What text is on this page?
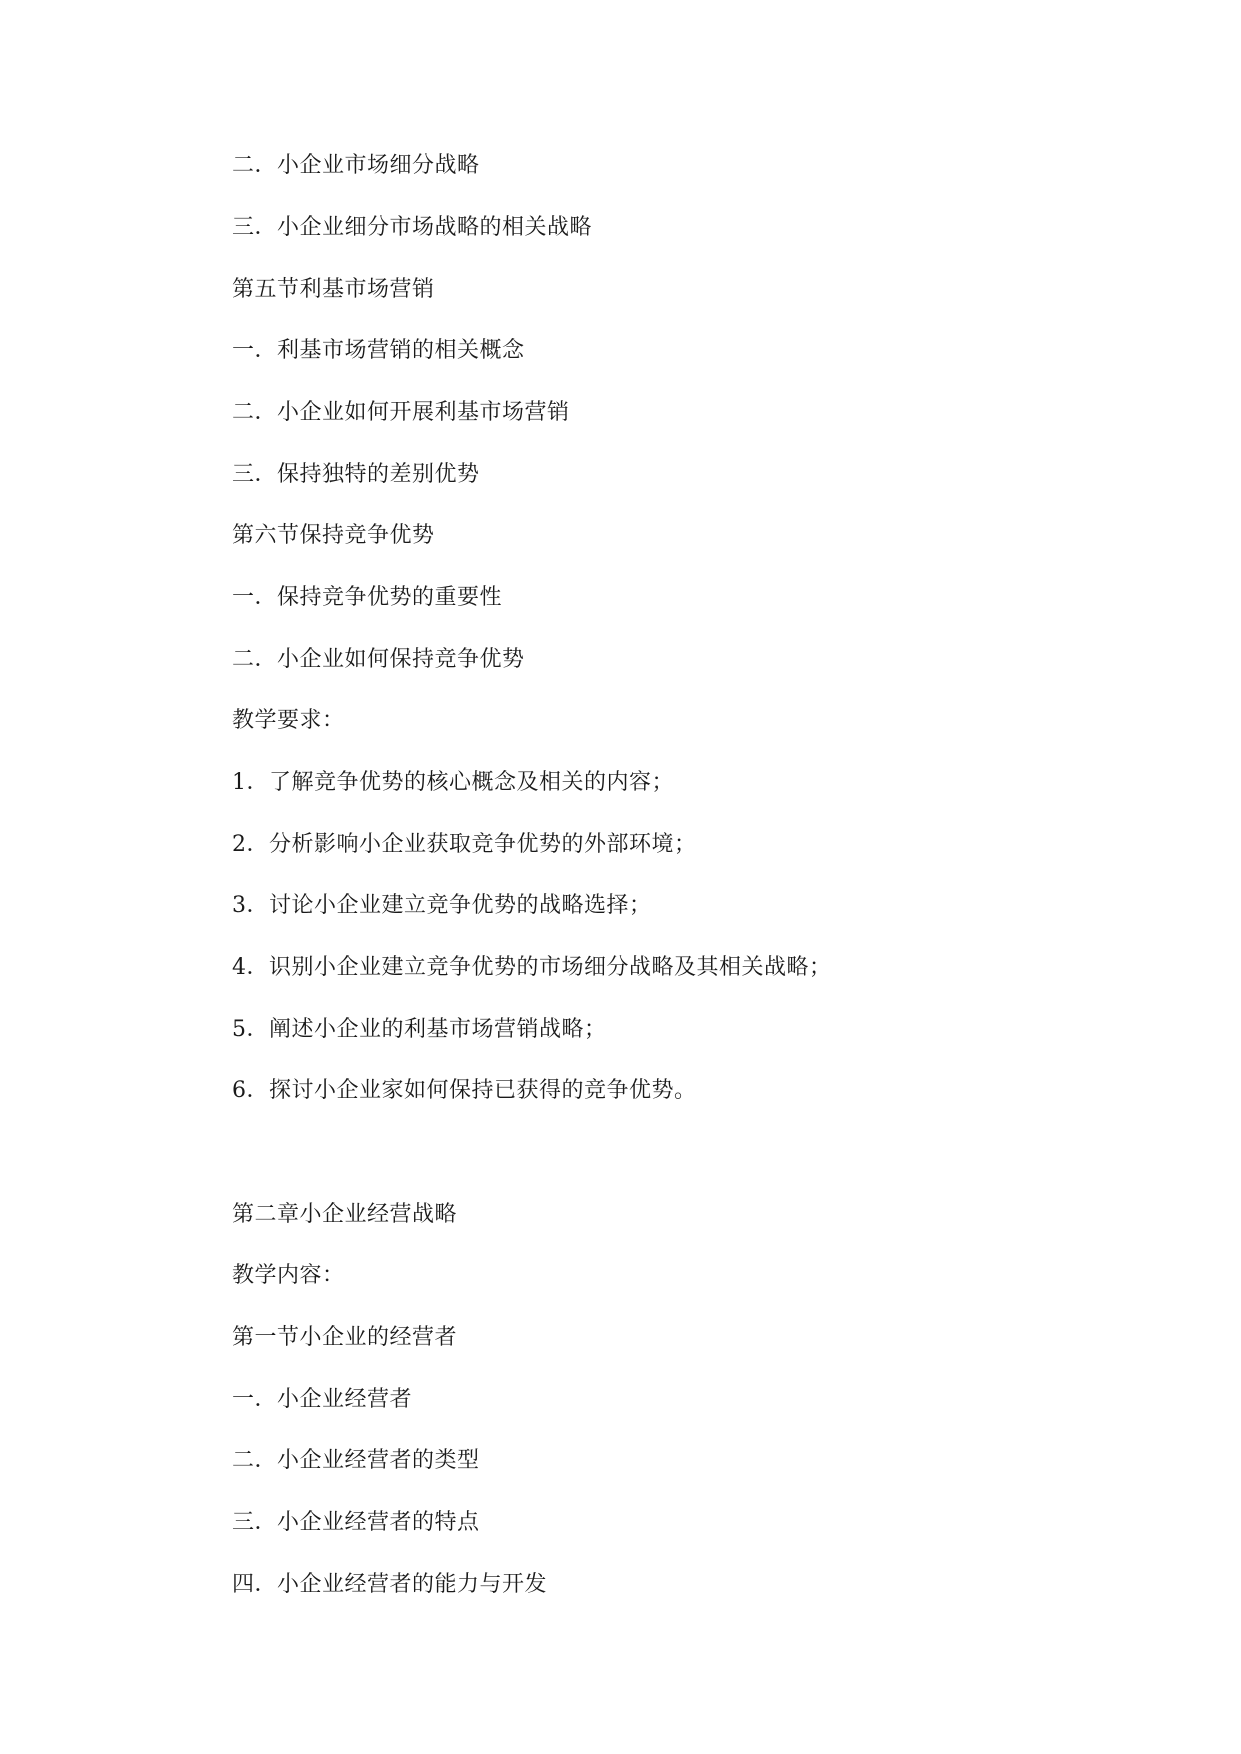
二．小企业市场细分战略
三．小企业细分市场战略的相关战略
第五节利基市场营销
一．利基市场营销的相关概念
二．小企业如何开展利基市场营销
三．保持独特的差别优势
第六节保持竞争优势
一．保持竞争优势的重要性
二．小企业如何保持竞争优势
教学要求：
1．了解竞争优势的核心概念及相关的内容；
2．分析影响小企业获取竞争优势的外部环境；
3．讨论小企业建立竞争优势的战略选择；
4．识别小企业建立竞争优势的市场细分战略及其相关战略；
5．阐述小企业的利基市场营销战略；
6．探讨小企业家如何保持已获得的竞争优势。
第二章小企业经营战略
教学内容：
第一节小企业的经营者
一．小企业经营者
二．小企业经营者的类型
三．小企业经营者的特点
四．小企业经营者的能力与开发
